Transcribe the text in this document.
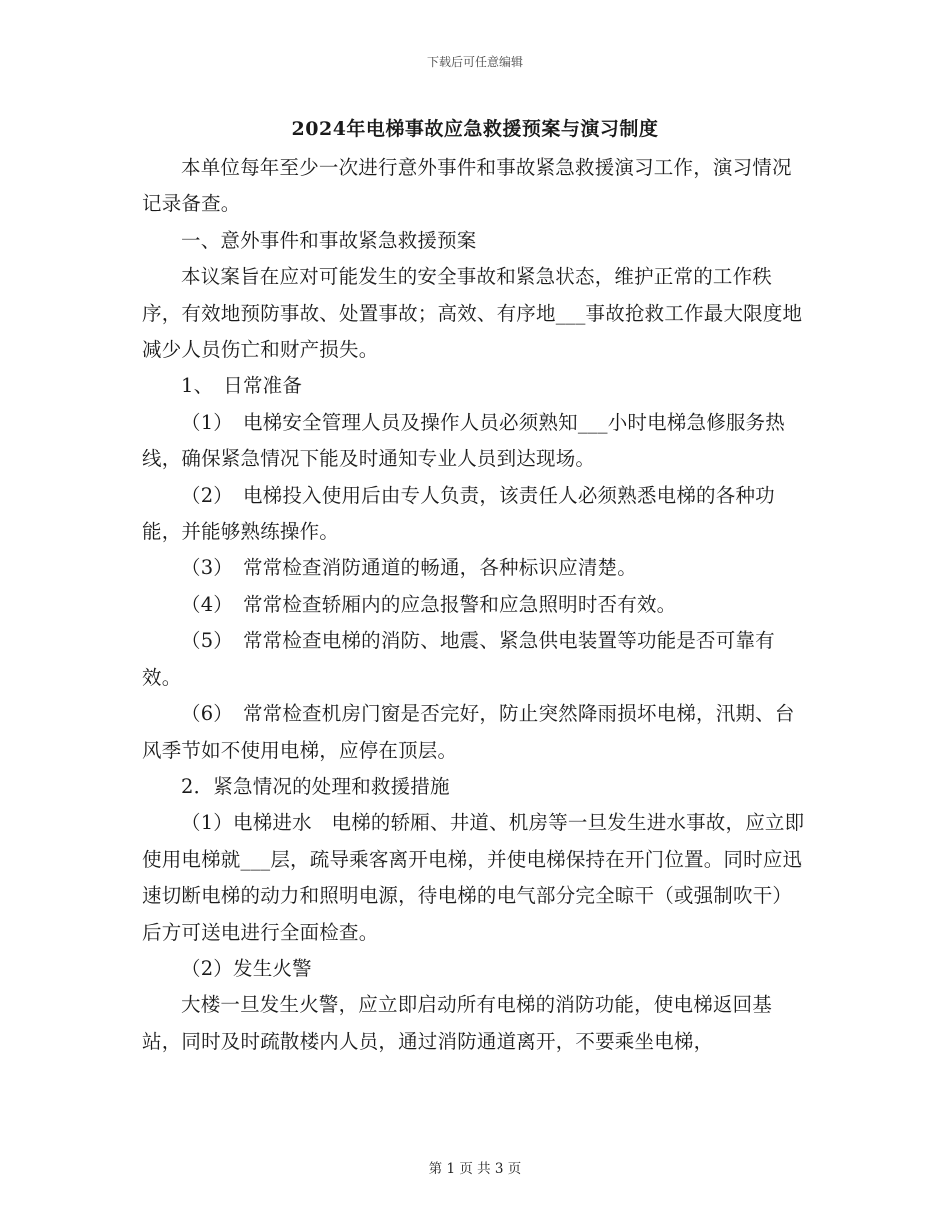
下载后可任意编辑
2024年电梯事故应急救援预案与演习制度

本单位每年至少一次进行意外事件和事故紧急救援演习工作，演习情况记录备查。

一、意外事件和事故紧急救援预案

本议案旨在应对可能发生的安全事故和紧急状态，维护正常的工作秩序，有效地预防事故、处置事故；高效、有序地___事故抢救工作最大限度地减少人员伤亡和财产损失。

1、　日常准备

（1）　电梯安全管理人员及操作人员必须熟知___小时电梯急修服务热线，确保紧急情况下能及时通知专业人员到达现场。

（2）　电梯投入使用后由专人负责，该责任人必须熟悉电梯的各种功能，并能够熟练操作。

（3）　常常检查消防通道的畅通，各种标识应清楚。

（4）　常常检查轿厢内的应急报警和应急照明时否有效。

（5）　常常检查电梯的消防、地震、紧急供电装置等功能是否可靠有效。

（6）　常常检查机房门窗是否完好，防止突然降雨损坏电梯，汛期、台风季节如不使用电梯，应停在顶层。

2．紧急情况的处理和救援措施

（1）电梯进水　电梯的轿厢、井道、机房等一旦发生进水事故，应立即使用电梯就___层，疏导乘客离开电梯，并使电梯保持在开门位置。同时应迅速切断电梯的动力和照明电源，待电梯的电气部分完全晾干（或强制吹干）后方可送电进行全面检查。

（2）发生火警

大楼一旦发生火警，应立即启动所有电梯的消防功能，使电梯返回基站，同时及时疏散楼内人员，通过消防通道离开，不要乘坐电梯，

第 1 页 共 3 页
